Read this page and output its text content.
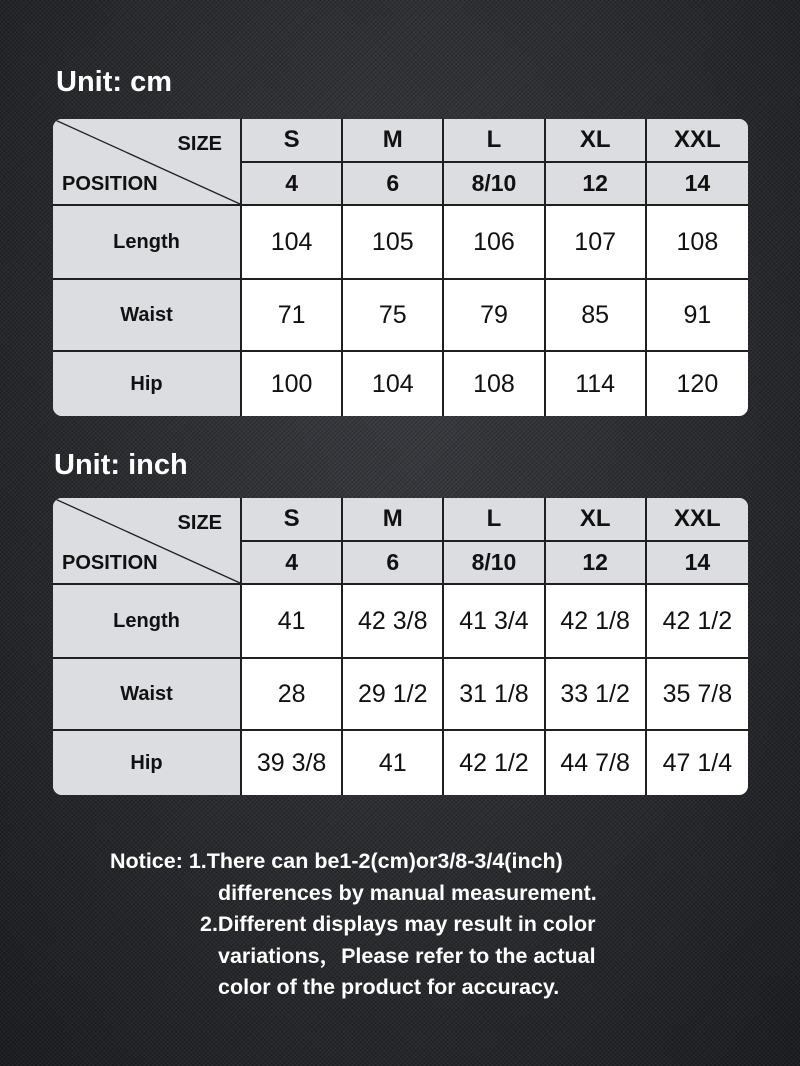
Unit: cm
SIZE
POSITION	S	M	L	XL	XXL
	4	6	8/10	12	14
Length	104	105	106	107	108
Waist	71	75	79	85	91
Hip	100	104	108	114	120
Unit: inch
SIZE
POSITION	S	M	L	XL	XXL
	4	6	8/10	12	14
Length	41	42 3/8	41 3/4	42 1/8	42 1/2
Waist	28	29 1/2	31 1/8	33 1/2	35 7/8
Hip	39 3/8	41	42 1/2	44 7/8	47 1/4
Notice: 1.There can be1-2(cm)or3/8-3/4(inch)
differences by manual measurement.
2.Different displays may result in color
variations，Please refer to the actual
color of the product for accuracy.
